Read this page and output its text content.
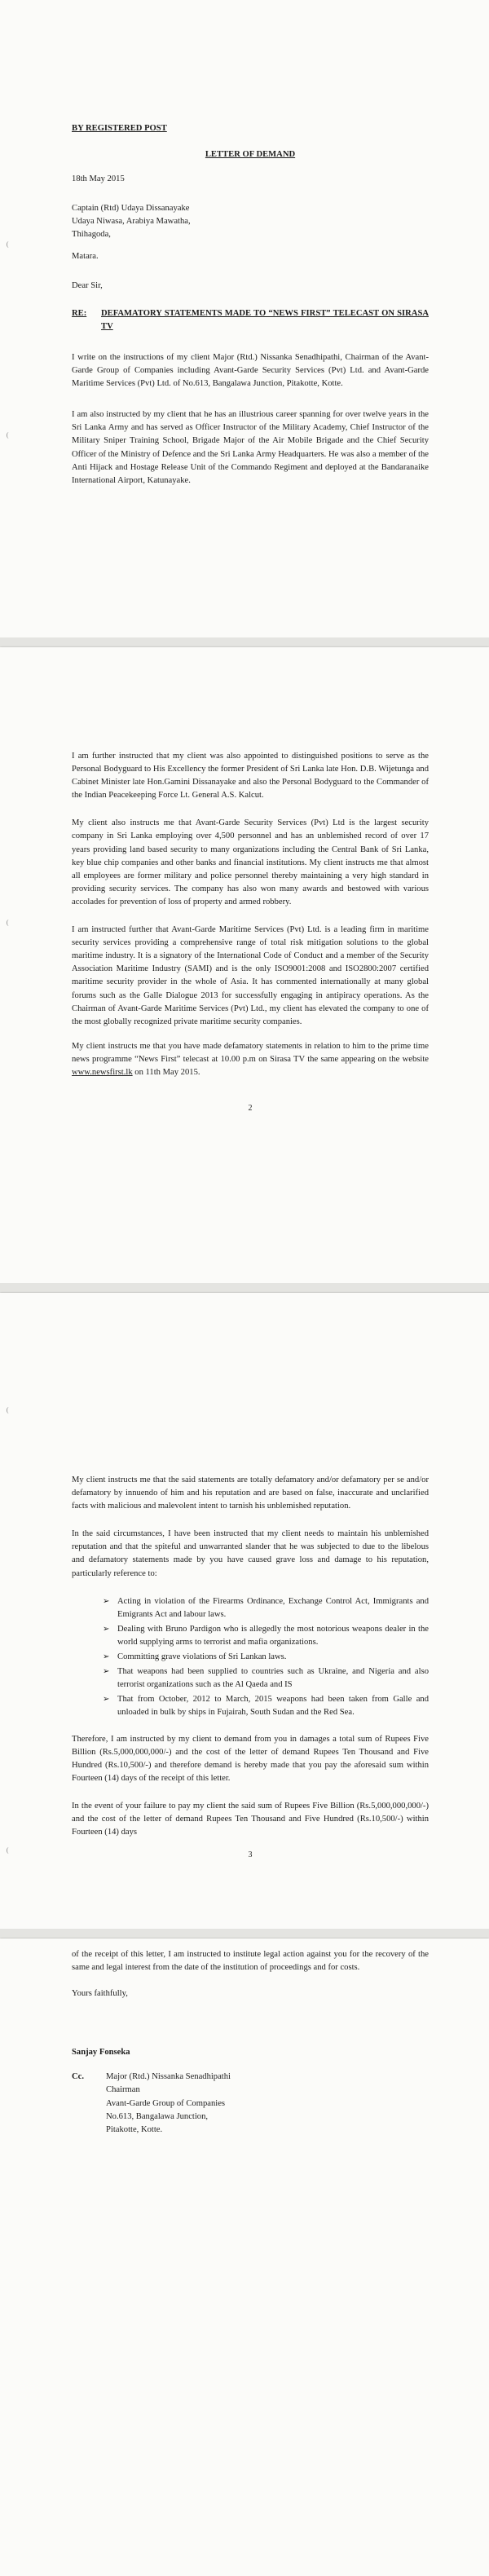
BY REGISTERED POST
LETTER OF DEMAND
18th May 2015
Captain (Rtd) Udaya Dissanayake
Udaya Niwasa, Arabiya Mawatha,
Thihagoda,
Matara.
Dear Sir,
RE:	DEFAMATORY STATEMENTS MADE TO “NEWS FIRST” TELECAST ON SIRASA TV
I write on the instructions of my client Major (Rtd.) Nissanka Senadhipathi, Chairman of the Avant-Garde Group of Companies including Avant-Garde Security Services (Pvt) Ltd. and Avant-Garde Maritime Services (Pvt) Ltd. of No.613, Bangalawa Junction, Pitakotte, Kotte.
I am also instructed by my client that he has an illustrious career spanning for over twelve years in the Sri Lanka Army and has served as Officer Instructor of the Military Academy, Chief Instructor of the Military Sniper Training School, Brigade Major of the Air Mobile Brigade and the Chief Security Officer of the Ministry of Defence and the Sri Lanka Army Headquarters. He was also a member of the Anti Hijack and Hostage Release Unit of the Commando Regiment and deployed at the Bandaranaike International Airport, Katunayake.
I am further instructed that my client was also appointed to distinguished positions to serve as the Personal Bodyguard to His Excellency the former President of Sri Lanka late Hon. D.B. Wijetunga and Cabinet Minister late Hon.Gamini Dissanayake and also the Personal Bodyguard to the Commander of the Indian Peacekeeping Force Lt. General A.S. Kalcut.
My client also instructs me that Avant-Garde Security Services (Pvt) Ltd is the largest security company in Sri Lanka employing over 4,500 personnel and has an unblemished record of over 17 years providing land based security to many organizations including the Central Bank of Sri Lanka, key blue chip companies and other banks and financial institutions. My client instructs me that almost all employees are former military and police personnel thereby maintaining a very high standard in providing security services. The company has also won many awards and bestowed with various accolades for prevention of loss of property and armed robbery.
I am instructed further that Avant-Garde Maritime Services (Pvt) Ltd. is a leading firm in maritime security services providing a comprehensive range of total risk mitigation solutions to the global maritime industry. It is a signatory of the International Code of Conduct and a member of the Security Association Maritime Industry (SAMI) and is the only ISO9001:2008 and ISO2800:2007 certified maritime security provider in the whole of Asia. It has commented internationally at many global forums such as the Galle Dialogue 2013 for successfully engaging in antipiracy operations. As the Chairman of Avant-Garde Maritime Services (Pvt) Ltd., my client has elevated the company to one of the most globally recognized private maritime security companies.
My client instructs me that you have made defamatory statements in relation to him to the prime time news programme “News First” telecast at 10.00 p.m on Sirasa TV the same appearing on the website www.newsfirst.lk on 11th May 2015.
2
My client instructs me that the said statements are totally defamatory and/or defamatory per se and/or defamatory by innuendo of him and his reputation and are based on false, inaccurate and unclarified facts with malicious and malevolent intent to tarnish his unblemished reputation.
In the said circumstances, I have been instructed that my client needs to maintain his unblemished reputation and that the spiteful and unwarranted slander that he was subjected to due to the libelous and defamatory statements made by you have caused grave loss and damage to his reputation, particularly reference to:
➢ Acting in violation of the Firearms Ordinance, Exchange Control Act, Immigrants and Emigrants Act and labour laws.
➢ Dealing with Bruno Pardigon who is allegedly the most notorious weapons dealer in the world supplying arms to terrorist and mafia organizations.
➢ Committing grave violations of Sri Lankan laws.
➢ That weapons had been supplied to countries such as Ukraine, and Nigeria and also terrorist organizations such as the Al Qaeda and IS
➢ That from October, 2012 to March, 2015 weapons had been taken from Galle and unloaded in bulk by ships in Fujairah, South Sudan and the Red Sea.
Therefore, I am instructed by my client to demand from you in damages a total sum of Rupees Five Billion (Rs.5,000,000,000/-) and the cost of the letter of demand Rupees Ten Thousand and Five Hundred (Rs.10,500/-) and therefore demand is hereby made that you pay the aforesaid sum within Fourteen (14) days of the receipt of this letter.
In the event of your failure to pay my client the said sum of Rupees Five Billion (Rs.5,000,000,000/-) and the cost of the letter of demand Rupees Ten Thousand and Five Hundred (Rs.10,500/-) within Fourteen (14) days
3
of the receipt of this letter, I am instructed to institute legal action against you for the recovery of the same and legal interest from the date of the institution of proceedings and for costs.
Yours faithfully,
Sanjay Fonseka
Cc.	Major (Rtd.) Nissanka Senadhipathi
Chairman
Avant-Garde Group of Companies
No.613, Bangalawa Junction,
Pitakotte, Kotte.
